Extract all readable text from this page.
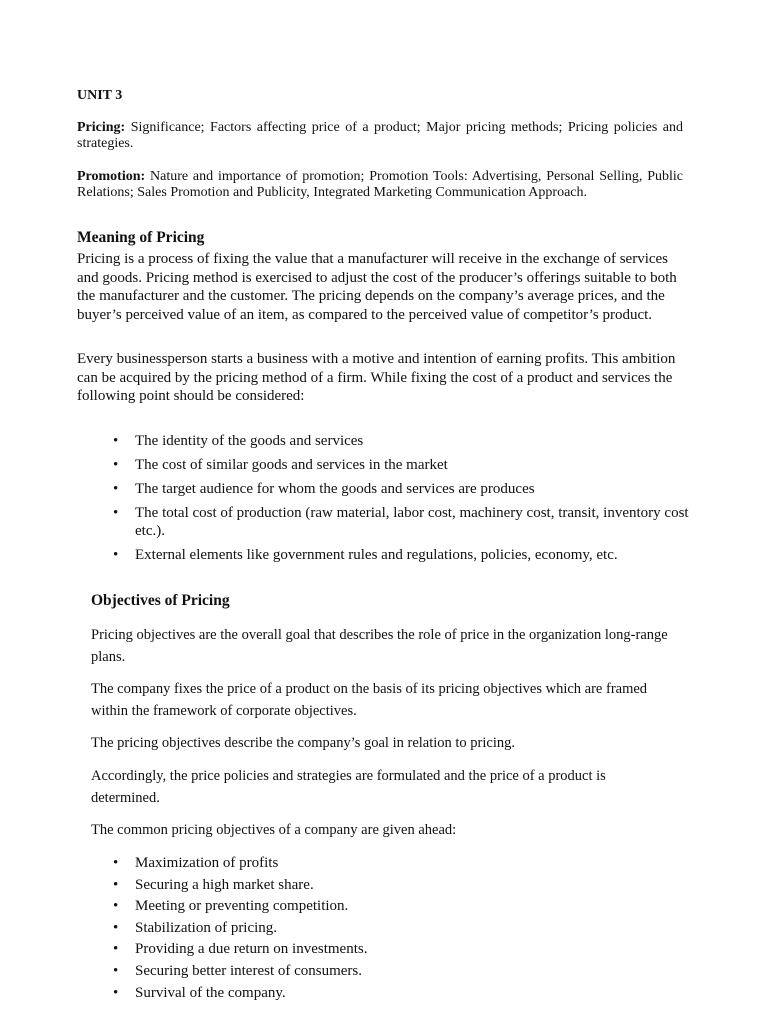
UNIT 3

Pricing: Significance; Factors affecting price of a product; Major pricing methods; Pricing policies and strategies.

Promotion: Nature and importance of promotion; Promotion Tools: Advertising, Personal Selling, Public Relations; Sales Promotion and Publicity, Integrated Marketing Communication Approach.

Meaning of Pricing

Pricing is a process of fixing the value that a manufacturer will receive in the exchange of services and goods. Pricing method is exercised to adjust the cost of the producer’s offerings suitable to both the manufacturer and the customer. The pricing depends on the company’s average prices, and the buyer’s perceived value of an item, as compared to the perceived value of competitor’s product.

Every businessperson starts a business with a motive and intention of earning profits. This ambition can be acquired by the pricing method of a firm. While fixing the cost of a product and services the following point should be considered:

• The identity of the goods and services
• The cost of similar goods and services in the market
• The target audience for whom the goods and services are produces
• The total cost of production (raw material, labor cost, machinery cost, transit, inventory cost etc.).
• External elements like government rules and regulations, policies, economy, etc.
Objectives of Pricing

Pricing objectives are the overall goal that describes the role of price in the organization long-range plans.

The company fixes the price of a product on the basis of its pricing objectives which are framed within the framework of corporate objectives.

The pricing objectives describe the company’s goal in relation to pricing.

Accordingly, the price policies and strategies are formulated and the price of a product is determined.

The common pricing objectives of a company are given ahead:

• Maximization of profits
• Securing a high market share.
• Meeting or preventing competition.
• Stabilization of pricing.
• Providing a due return on investments.
• Securing better interest of consumers.
• Survival of the company.
